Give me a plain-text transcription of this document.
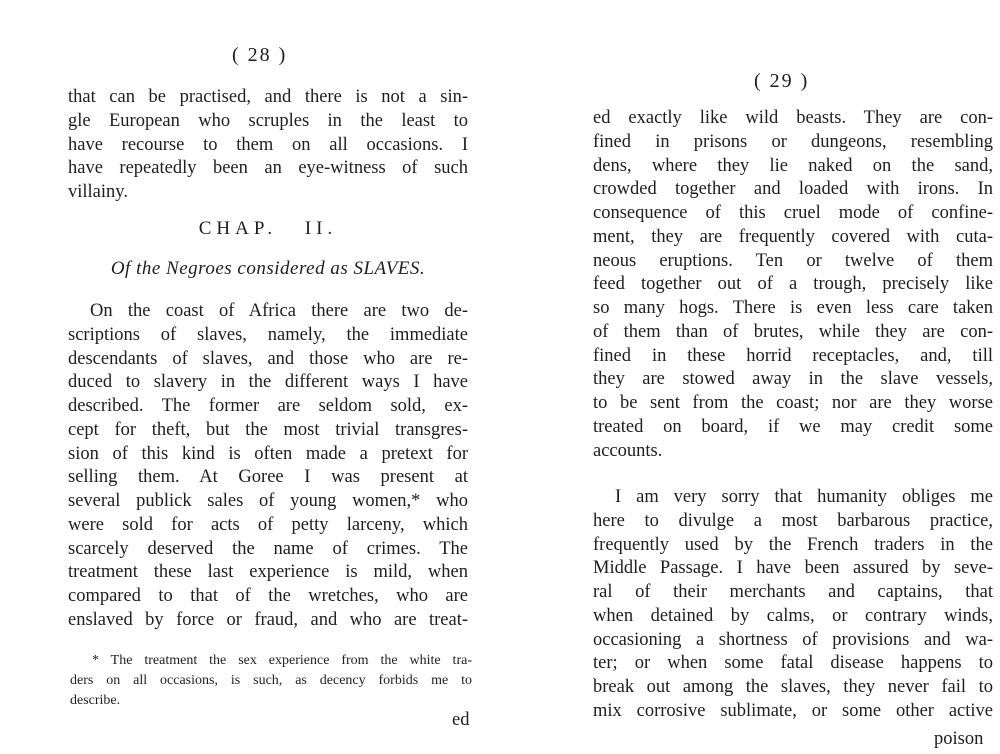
( 28 )
that can be practised, and there is not a sin-
gle European who scruples in the least to
have recourse to them on all occasions. I
have repeatedly been an eye-witness of such
villainy.
CHAP. II.
Of the Negroes considered as SLAVES.
On the coast of Africa there are two de-
scriptions of slaves, namely, the immediate
descendants of slaves, and those who are re-
duced to slavery in the different ways I have
described. The former are seldom sold, ex-
cept for theft, but the most trivial transgres-
sion of this kind is often made a pretext for
selling them. At Goree I was present at
several publick sales of young women,* who
were sold for acts of petty larceny, which
scarcely deserved the name of crimes. The
treatment these last experience is mild, when
compared to that of the wretches, who are
enslaved by force or fraud, and who are treat-
* The treatment the sex experience from the white tra-
ders on all occasions, is such, as decency forbids me to
describe.
ed
( 29 )
ed exactly like wild beasts. They are con-
fined in prisons or dungeons, resembling
dens, where they lie naked on the sand,
crowded together and loaded with irons. In
consequence of this cruel mode of confine-
ment, they are frequently covered with cuta-
neous eruptions. Ten or twelve of them
feed together out of a trough, precisely like
so many hogs. There is even less care taken
of them than of brutes, while they are con-
fined in these horrid receptacles, and, till
they are stowed away in the slave vessels,
to be sent from the coast; nor are they worse
treated on board, if we may credit some
accounts.
I am very sorry that humanity obliges me
here to divulge a most barbarous practice,
frequently used by the French traders in the
Middle Passage. I have been assured by seve-
ral of their merchants and captains, that
when detained by calms, or contrary winds,
occasioning a shortness of provisions and wa-
ter; or when some fatal disease happens to
break out among the slaves, they never fail to
mix corrosive sublimate, or some other active
poison
